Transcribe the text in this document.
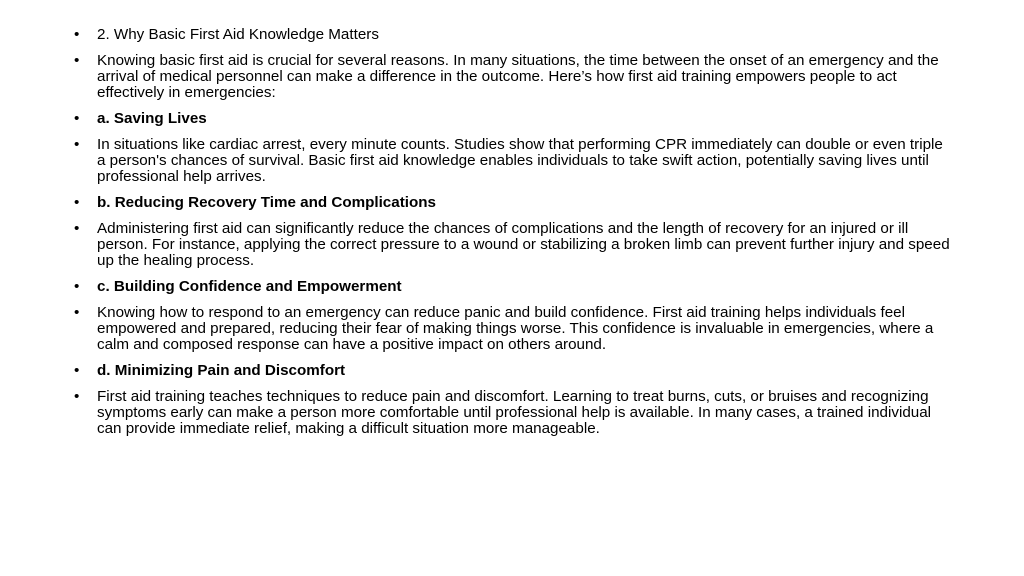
•	2. Why Basic First Aid Knowledge Matters
•	Knowing basic first aid is crucial for several reasons. In many situations, the time between the onset of an emergency and the arrival of medical personnel can make a difference in the outcome. Here’s how first aid training empowers people to act effectively in emergencies:
•	a. Saving Lives
•	In situations like cardiac arrest, every minute counts. Studies show that performing CPR immediately can double or even triple a person's chances of survival. Basic first aid knowledge enables individuals to take swift action, potentially saving lives until professional help arrives.
•	b. Reducing Recovery Time and Complications
•	Administering first aid can significantly reduce the chances of complications and the length of recovery for an injured or ill person. For instance, applying the correct pressure to a wound or stabilizing a broken limb can prevent further injury and speed up the healing process.
•	c. Building Confidence and Empowerment
•	Knowing how to respond to an emergency can reduce panic and build confidence. First aid training helps individuals feel empowered and prepared, reducing their fear of making things worse. This confidence is invaluable in emergencies, where a calm and composed response can have a positive impact on others around.
•	d. Minimizing Pain and Discomfort
•	First aid training teaches techniques to reduce pain and discomfort. Learning to treat burns, cuts, or bruises and recognizing symptoms early can make a person more comfortable until professional help is available. In many cases, a trained individual can provide immediate relief, making a difficult situation more manageable.
